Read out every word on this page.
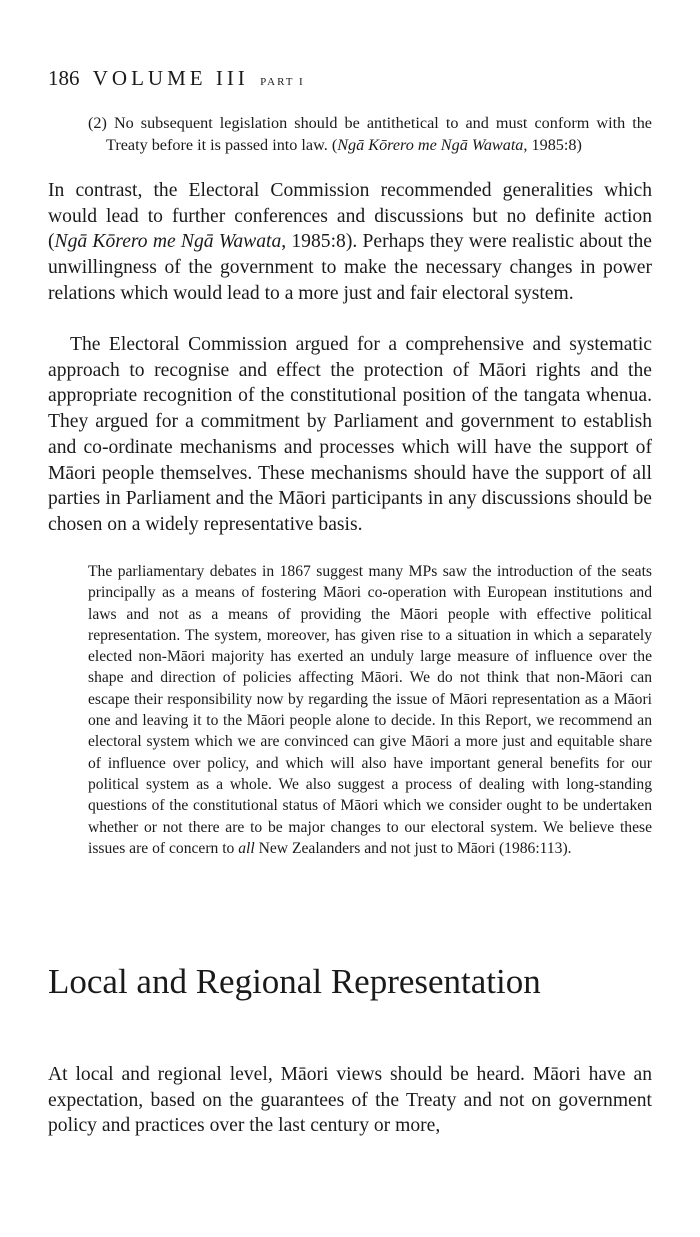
186 VOLUME III PART I

(2) No subsequent legislation should be antithetical to and must conform with the Treaty before it is passed into law. (Ngā Kōrero me Ngā Wawata, 1985:8)

In contrast, the Electoral Commission recommended generalities which would lead to further conferences and discussions but no definite action (Ngā Kōrero me Ngā Wawata, 1985:8). Perhaps they were realistic about the unwillingness of the government to make the necessary changes in power relations which would lead to a more just and fair electoral system.

The Electoral Commission argued for a comprehensive and systematic approach to recognise and effect the protection of Māori rights and the appropriate recognition of the constitutional position of the tangata whenua. They argued for a commitment by Parliament and government to establish and co-ordinate mechanisms and processes which will have the support of Māori people themselves. These mechanisms should have the support of all parties in Parliament and the Māori participants in any discussions should be chosen on a widely representative basis.

The parliamentary debates in 1867 suggest many MPs saw the introduction of the seats principally as a means of fostering Māori co-operation with European institutions and laws and not as a means of providing the Māori people with effective political representation. The system, moreover, has given rise to a situation in which a separately elected non-Māori majority has exerted an unduly large measure of influence over the shape and direction of policies affecting Māori. We do not think that non-Māori can escape their responsibility now by regarding the issue of Māori representation as a Māori one and leaving it to the Māori people alone to decide. In this Report, we recommend an electoral system which we are convinced can give Māori a more just and equitable share of influence over policy, and which will also have important general benefits for our political system as a whole. We also suggest a process of dealing with long-standing questions of the constitutional status of Māori which we consider ought to be undertaken whether or not there are to be major changes to our electoral system. We believe these issues are of concern to all New Zealanders and not just to Māori (1986:113).

Local and Regional Representation

At local and regional level, Māori views should be heard. Māori have an expectation, based on the guarantees of the Treaty and not on government policy and practices over the last century or more,
